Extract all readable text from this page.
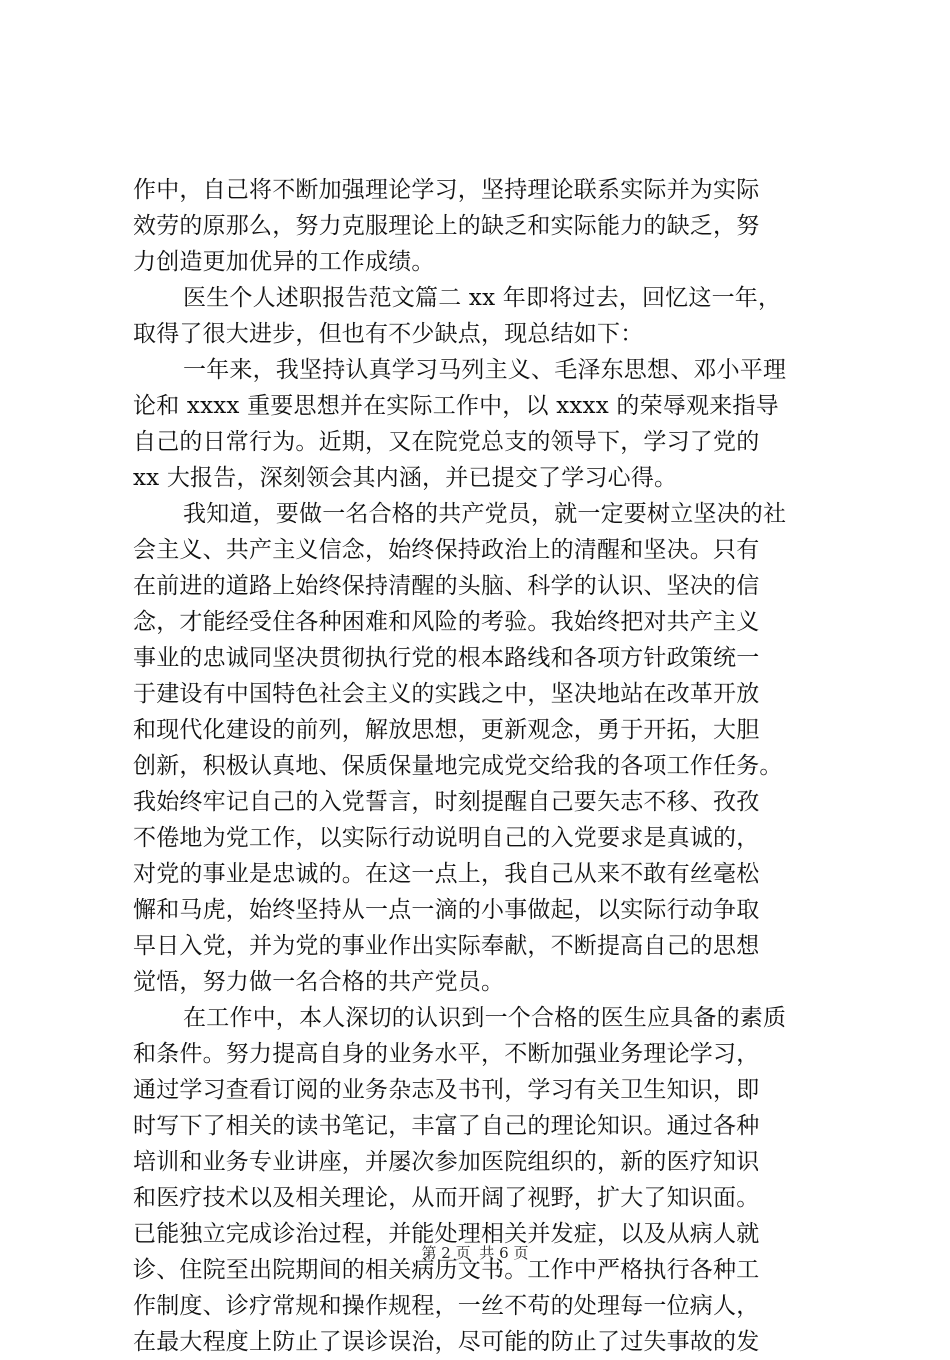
作中，自己将不断加强理论学习，坚持理论联系实际并为实际
效劳的原那么，努力克服理论上的缺乏和实际能力的缺乏，努
力创造更加优异的工作成绩。
医生个人述职报告范文篇二 xx 年即将过去，回忆这一年，
取得了很大进步，但也有不少缺点，现总结如下：
一年来，我坚持认真学习马列主义、毛泽东思想、邓小平理
论和 xxxx 重要思想并在实际工作中，以 xxxx 的荣辱观来指导
自己的日常行为。近期，又在院党总支的领导下，学习了党的
xx 大报告，深刻领会其内涵，并已提交了学习心得。
我知道，要做一名合格的共产党员，就一定要树立坚决的社
会主义、共产主义信念，始终保持政治上的清醒和坚决。只有
在前进的道路上始终保持清醒的头脑、科学的认识、坚决的信
念，才能经受住各种困难和风险的考验。我始终把对共产主义
事业的忠诚同坚决贯彻执行党的根本路线和各项方针政策统一
于建设有中国特色社会主义的实践之中，坚决地站在改革开放
和现代化建设的前列，解放思想，更新观念，勇于开拓，大胆
创新，积极认真地、保质保量地完成党交给我的各项工作任务。
我始终牢记自己的入党誓言，时刻提醒自己要矢志不移、孜孜
不倦地为党工作，以实际行动说明自己的入党要求是真诚的，
对党的事业是忠诚的。在这一点上，我自己从来不敢有丝毫松
懈和马虎，始终坚持从一点一滴的小事做起，以实际行动争取
早日入党，并为党的事业作出实际奉献，不断提高自己的思想
觉悟，努力做一名合格的共产党员。
在工作中，本人深切的认识到一个合格的医生应具备的素质
和条件。努力提高自身的业务水平，不断加强业务理论学习，
通过学习查看订阅的业务杂志及书刊，学习有关卫生知识，即
时写下了相关的读书笔记，丰富了自己的理论知识。通过各种
培训和业务专业讲座，并屡次参加医院组织的，新的医疗知识
和医疗技术以及相关理论，从而开阔了视野，扩大了知识面。
已能独立完成诊治过程，并能处理相关并发症，以及从病人就
诊、住院至出院期间的相关病历文书。工作中严格执行各种工
作制度、诊疗常规和操作规程，一丝不苟的处理每一位病人，
在最大程度上防止了误诊误治，尽可能的防止了过失事故的发
第 2 页 共 6 页
